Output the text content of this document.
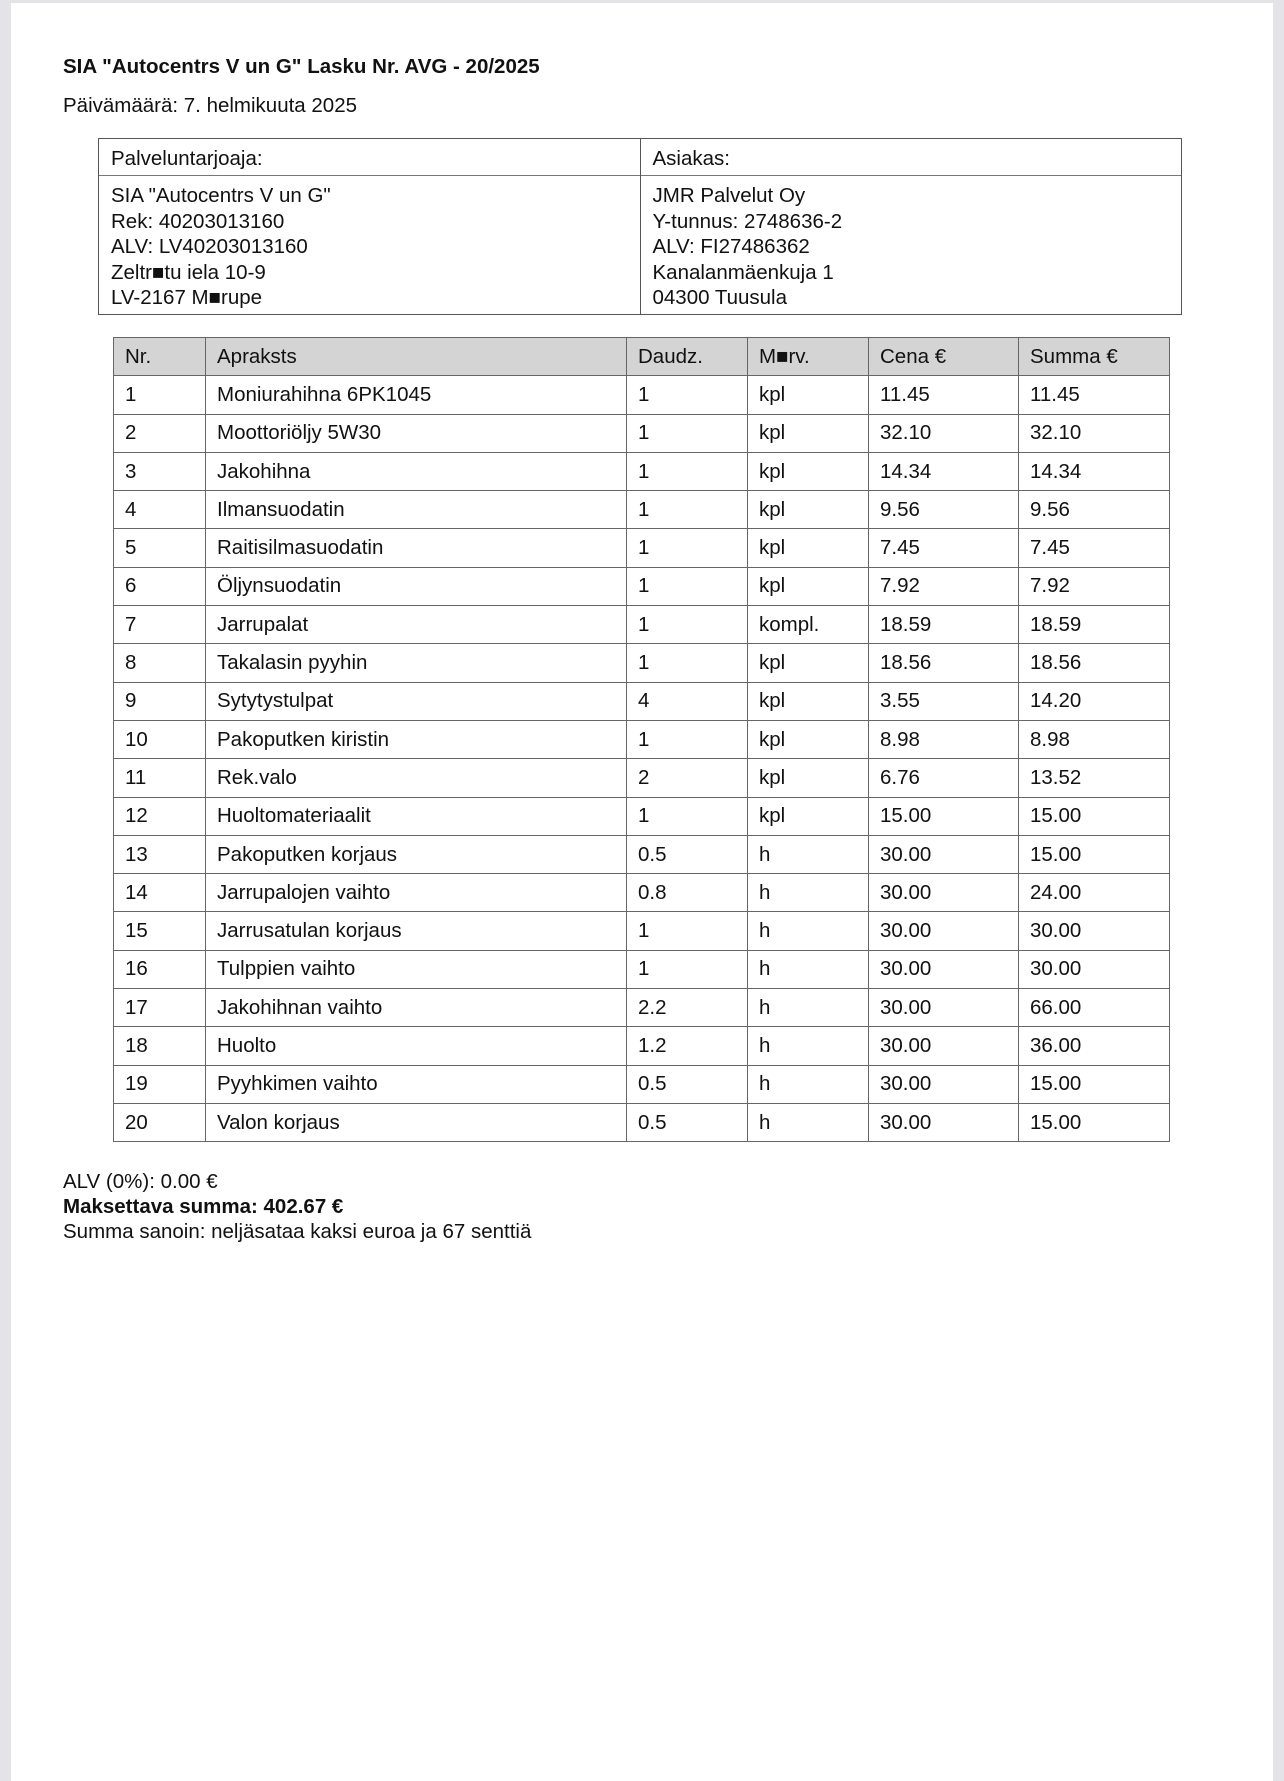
SIA "Autocentrs V un G" Lasku Nr. AVG - 20/2025
Päivämäärä: 7. helmikuuta 2025
Palveluntarjoaja:
SIA "Autocentrs V un G"
Rek: 40203013160
ALV: LV40203013160
Zeltr■tu iela 10-9
LV-2167 M■rupe
Asiakas:
JMR Palvelut Oy
Y-tunnus: 2748636-2
ALV: FI27486362
Kanalanmäenkuja 1
04300 Tuusula
Nr.	Apraksts	Daudz.	M■rv.	Cena €	Summa €
1	Moniurahihna 6PK1045	1	kpl	11.45	11.45
2	Moottoriöljy 5W30	1	kpl	32.10	32.10
3	Jakohihna	1	kpl	14.34	14.34
4	Ilmansuodatin	1	kpl	9.56	9.56
5	Raitisilmasuodatin	1	kpl	7.45	7.45
6	Öljynsuodatin	1	kpl	7.92	7.92
7	Jarrupalat	1	kompl.	18.59	18.59
8	Takalasin pyyhin	1	kpl	18.56	18.56
9	Sytytystulpat	4	kpl	3.55	14.20
10	Pakoputken kiristin	1	kpl	8.98	8.98
11	Rek.valo	2	kpl	6.76	13.52
12	Huoltomateriaalit	1	kpl	15.00	15.00
13	Pakoputken korjaus	0.5	h	30.00	15.00
14	Jarrupalojen vaihto	0.8	h	30.00	24.00
15	Jarrusatulan korjaus	1	h	30.00	30.00
16	Tulppien vaihto	1	h	30.00	30.00
17	Jakohihnan vaihto	2.2	h	30.00	66.00
18	Huolto	1.2	h	30.00	36.00
19	Pyyhkimen vaihto	0.5	h	30.00	15.00
20	Valon korjaus	0.5	h	30.00	15.00
ALV (0%): 0.00 €
Maksettava summa: 402.67 €
Summa sanoin: neljäsataa kaksi euroa ja 67 senttiä
